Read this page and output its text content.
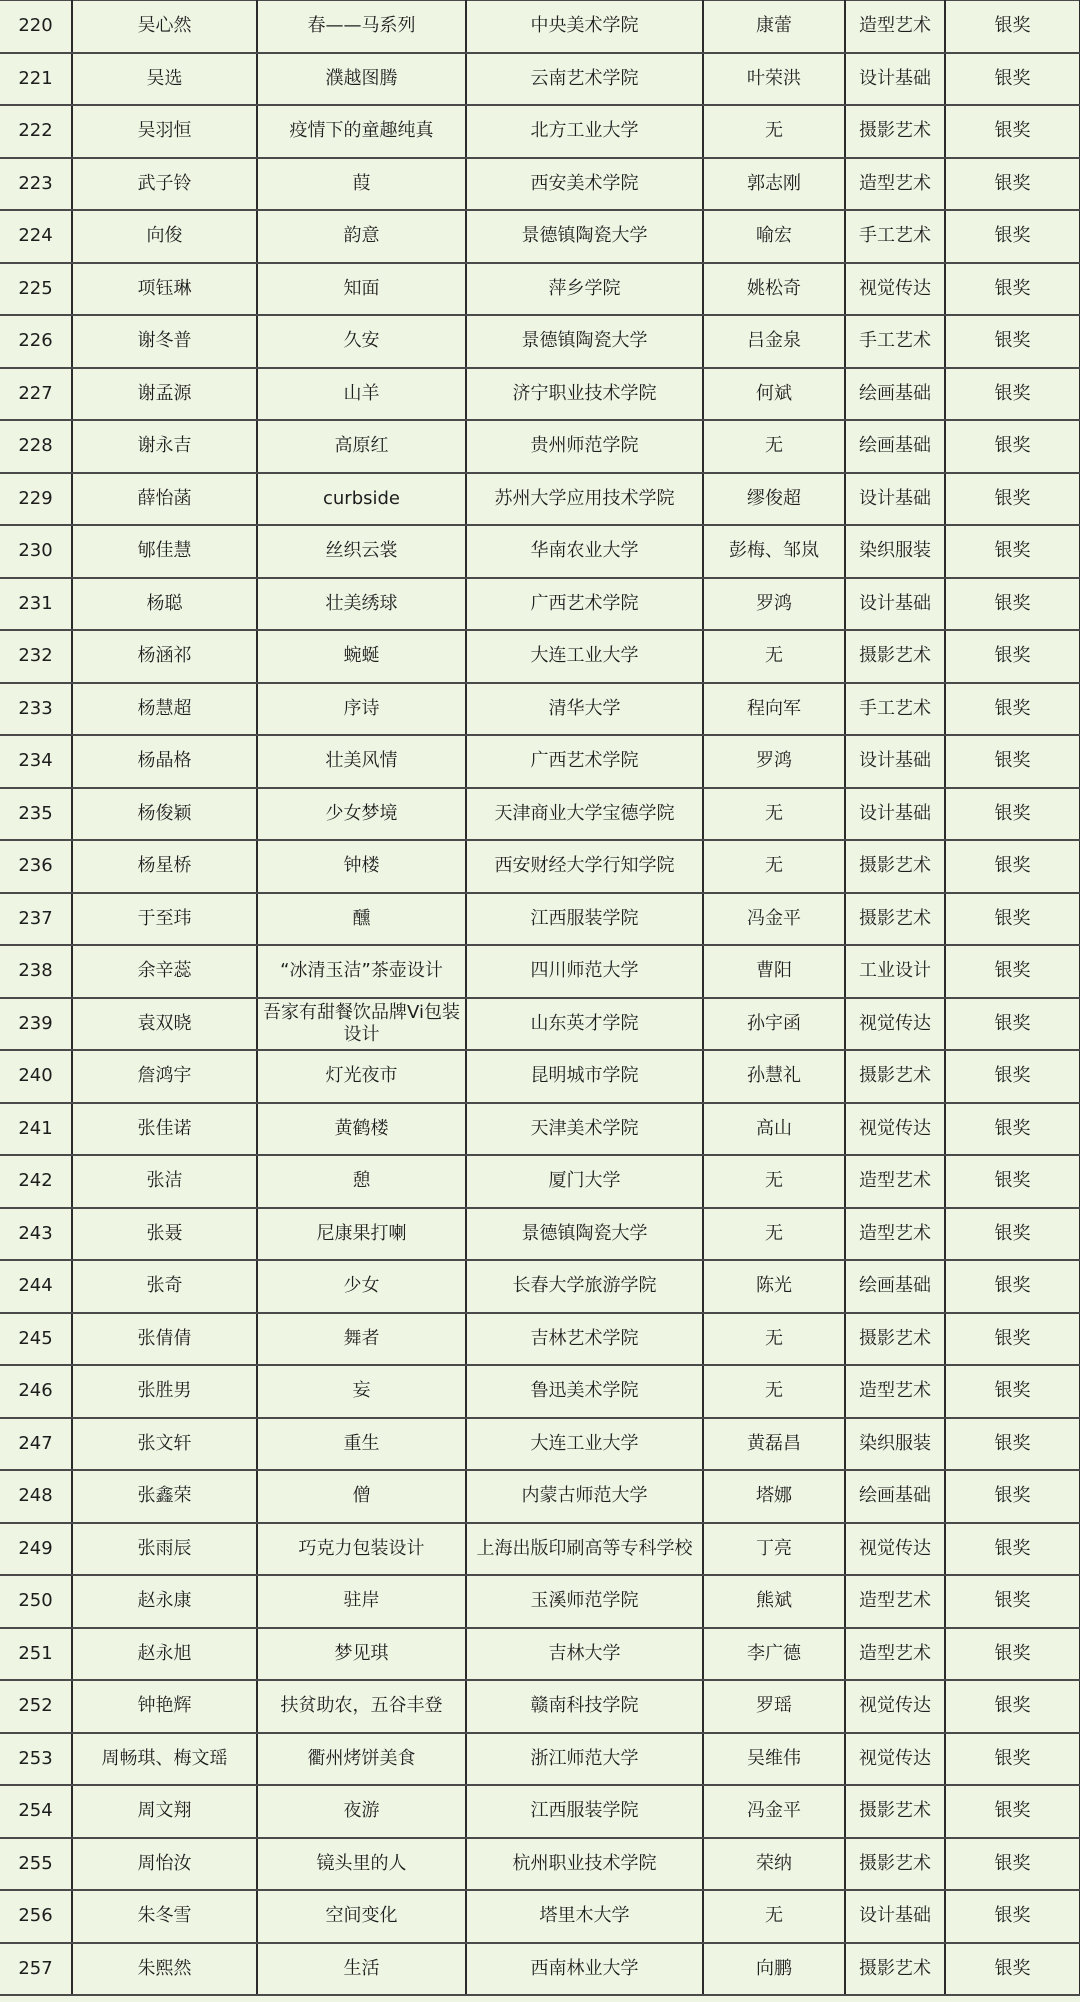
220	吴心然	春——马系列	中央美术学院	康蕾	造型艺术	银奖
221	吴选	濮越图腾	云南艺术学院	叶荣洪	设计基础	银奖
222	吴羽恒	疫情下的童趣纯真	北方工业大学	无	摄影艺术	银奖
223	武子铃	葭	西安美术学院	郭志刚	造型艺术	银奖
224	向俊	韵意	景德镇陶瓷大学	喻宏	手工艺术	银奖
225	项钰琳	知面	萍乡学院	姚松奇	视觉传达	银奖
226	谢冬普	久安	景德镇陶瓷大学	吕金泉	手工艺术	银奖
227	谢孟源	山羊	济宁职业技术学院	何斌	绘画基础	银奖
228	谢永吉	高原红	贵州师范学院	无	绘画基础	银奖
229	薛怡菡	curbside	苏州大学应用技术学院	缪俊超	设计基础	银奖
230	郇佳慧	丝织云裳	华南农业大学	彭梅、邹岚	染织服装	银奖
231	杨聪	壮美绣球	广西艺术学院	罗鸿	设计基础	银奖
232	杨涵祁	蜿蜒	大连工业大学	无	摄影艺术	银奖
233	杨慧超	序诗	清华大学	程向军	手工艺术	银奖
234	杨晶格	壮美风情	广西艺术学院	罗鸿	设计基础	银奖
235	杨俊颖	少女梦境	天津商业大学宝德学院	无	设计基础	银奖
236	杨星桥	钟楼	西安财经大学行知学院	无	摄影艺术	银奖
237	于至玮	醺	江西服装学院	冯金平	摄影艺术	银奖
238	余辛蕊	“冰清玉洁”茶壶设计	四川师范大学	曹阳	工业设计	银奖
239	袁双晓	吾家有甜餐饮品牌Vi包装设计	山东英才学院	孙宇函	视觉传达	银奖
240	詹鸿宇	灯光夜市	昆明城市学院	孙慧礼	摄影艺术	银奖
241	张佳诺	黄鹤楼	天津美术学院	高山	视觉传达	银奖
242	张洁	憩	厦门大学	无	造型艺术	银奖
243	张聂	尼康果打喇	景德镇陶瓷大学	无	造型艺术	银奖
244	张奇	少女	长春大学旅游学院	陈光	绘画基础	银奖
245	张倩倩	舞者	吉林艺术学院	无	摄影艺术	银奖
246	张胜男	妄	鲁迅美术学院	无	造型艺术	银奖
247	张文轩	重生	大连工业大学	黄磊昌	染织服装	银奖
248	张鑫荣	僧	内蒙古师范大学	塔娜	绘画基础	银奖
249	张雨辰	巧克力包装设计	上海出版印刷高等专科学校	丁亮	视觉传达	银奖
250	赵永康	驻岸	玉溪师范学院	熊斌	造型艺术	银奖
251	赵永旭	梦见琪	吉林大学	李广德	造型艺术	银奖
252	钟艳辉	扶贫助农，五谷丰登	赣南科技学院	罗瑶	视觉传达	银奖
253	周畅琪、梅文瑶	衢州烤饼美食	浙江师范大学	吴维伟	视觉传达	银奖
254	周文翔	夜游	江西服装学院	冯金平	摄影艺术	银奖
255	周怡汝	镜头里的人	杭州职业技术学院	荣纳	摄影艺术	银奖
256	朱冬雪	空间变化	塔里木大学	无	设计基础	银奖
257	朱熙然	生活	西南林业大学	向鹏	摄影艺术	银奖
